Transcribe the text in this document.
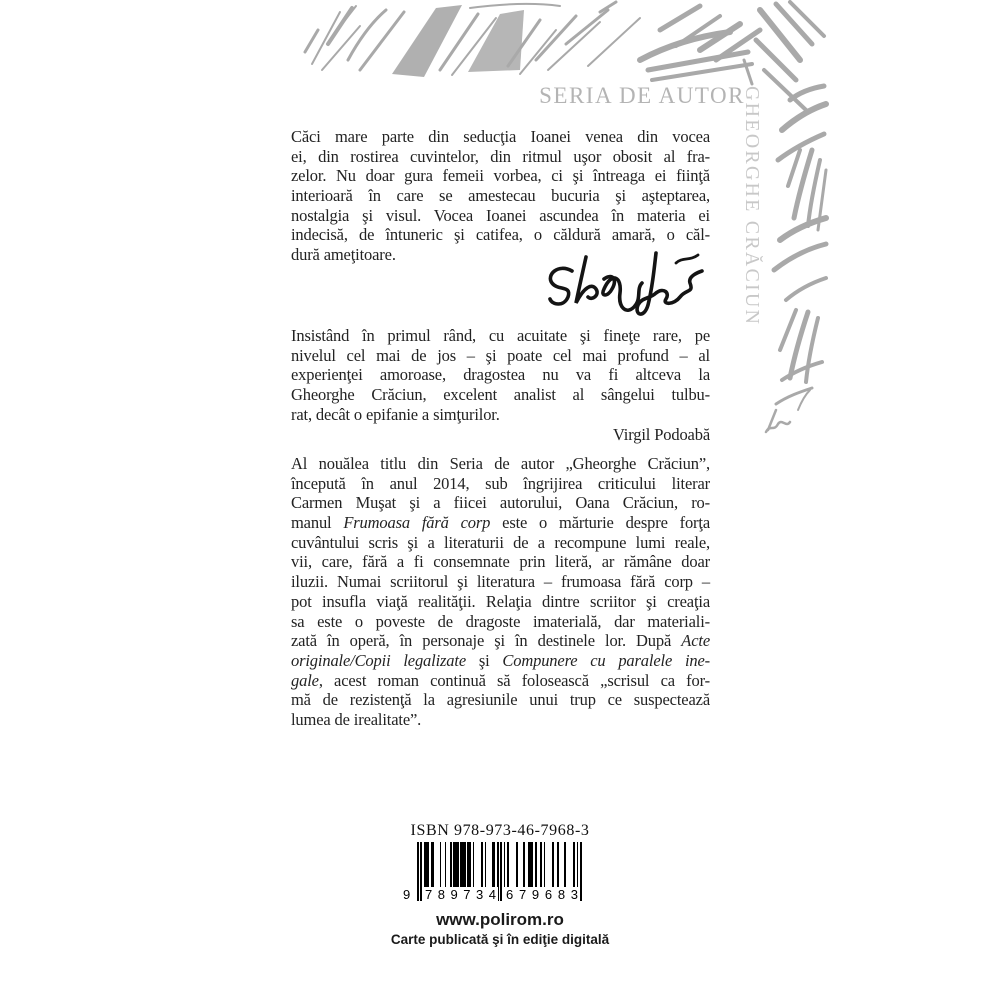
SERIA DE AUTOR
GHEORGHE CRĂCIUN
Căci mare parte din seducţia Ioanei venea din vocea
ei, din rostirea cuvintelor, din ritmul uşor obosit al fra-
zelor. Nu doar gura femeii vorbea, ci şi întreaga ei fiinţă
interioară în care se amestecau bucuria şi aşteptarea,
nostalgia şi visul. Vocea Ioanei ascundea în materia ei
indecisă, de întuneric şi catifea, o căldură amară, o căl-
dură ameţitoare.
Insistând în primul rând, cu acuitate şi fineţe rare, pe
nivelul cel mai de jos – şi poate cel mai profund – al
experienţei amoroase, dragostea nu va fi altceva la
Gheorghe Crăciun, excelent analist al sângelui tulbu-
rat, decât o epifanie a simţurilor.
Virgil Podoabă
Al nouălea titlu din Seria de autor „Gheorghe Crăciun”,
începută în anul 2014, sub îngrijirea criticului literar
Carmen Muşat şi a fiicei autorului, Oana Crăciun, ro-
manul Frumoasa fără corp este o mărturie despre forţa
cuvântului scris şi a literaturii de a recompune lumi reale,
vii, care, fără a fi consemnate prin literă, ar rămâne doar
iluzii. Numai scriitorul şi literatura – frumoasa fără corp –
pot insufla viaţă realităţii. Relaţia dintre scriitor şi creaţia
sa este o poveste de dragoste imaterială, dar materiali-
zată în operă, în personaje şi în destinele lor. După Acte
originale/Copii legalizate şi Compunere cu paralele ine-
gale, acest roman continuă să folosească „scrisul ca for-
mă de rezistenţă la agresiunile unui trup ce suspectează
lumea de irealitate”.
ISBN 978-973-46-7968-3
9 7 8 9 7 3 4 6 7 9 6 8 3
www.polirom.ro
Carte publicată şi în ediţie digitală
